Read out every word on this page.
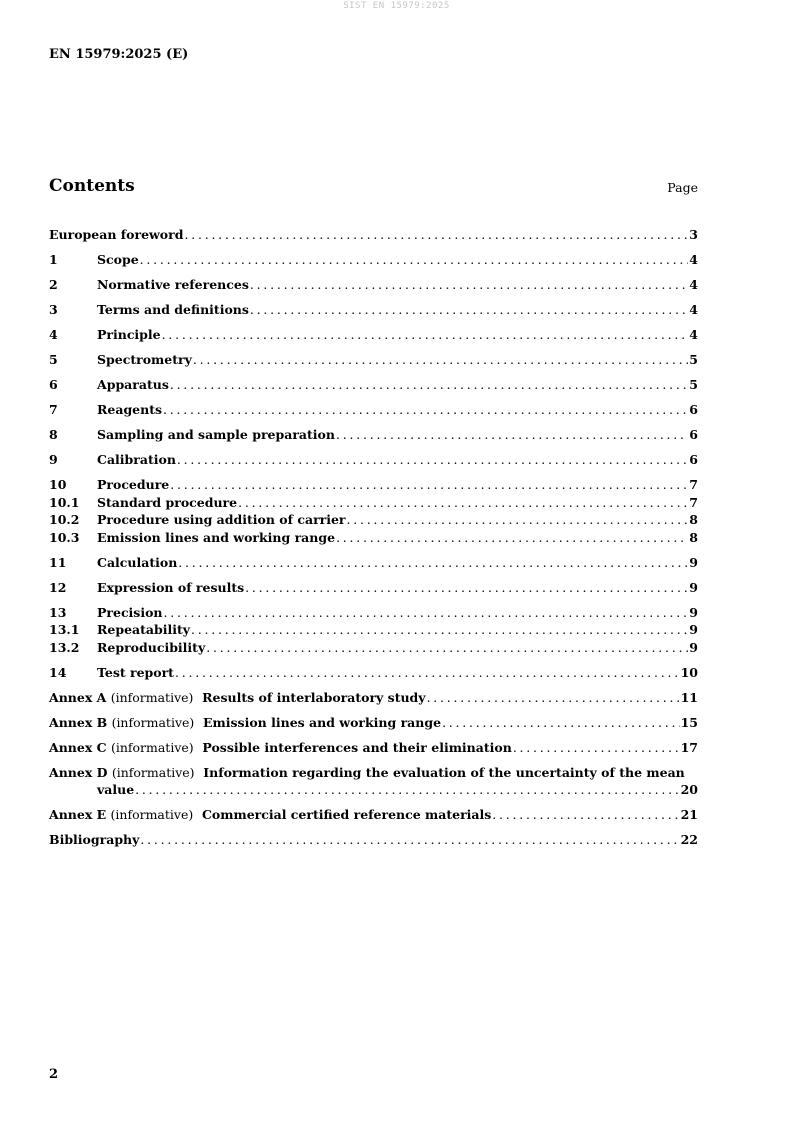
SIST EN 15979:2025
EN 15979:2025 (E)
Contents	Page
European foreword . . .	3
1	Scope . . .	4
2	Normative references . . .	4
3	Terms and definitions . . .	4
4	Principle . . .	4
5	Spectrometry . . .	5
6	Apparatus . . .	5
7	Reagents . . .	6
8	Sampling and sample preparation . . .	6
9	Calibration . . .	6
10	Procedure . . .	7
10.1	Standard procedure . . .	7
10.2	Procedure using addition of carrier . . .	8
10.3	Emission lines and working range . . .	8
11	Calculation . . .	9
12	Expression of results . . .	9
13	Precision . . .	9
13.1	Repeatability . . .	9
13.2	Reproducibility . . .	9
14	Test report . . .	10
Annex A (informative) Results of interlaboratory study . . .	11
Annex B (informative) Emission lines and working range . . .	15
Annex C (informative) Possible interferences and their elimination . . .	17
Annex D (informative) Information regarding the evaluation of the uncertainty of the mean
value . . .	20
Annex E (informative) Commercial certified reference materials . . .	21
Bibliography . . .	22
2
